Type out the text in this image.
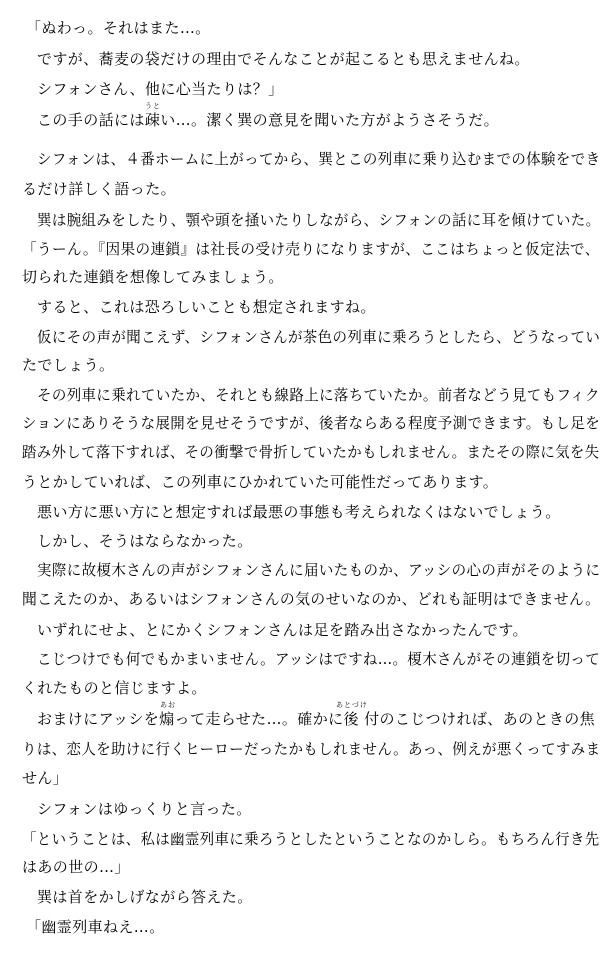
「ぬわっ。それはまた…。

ですが、蕎麦の袋だけの理由でそんなことが起こるとも思えませんね。

シフォンさん、他に心当たりは？」

うと

この手の話には疎い…。潔く巽の意見を聞いた方がようさそうだ。

シフォンは、４番ホームに上がってから、巽とこの列車に乗り込むまでの体験をでき

るだけ詳しく語った。

巽は腕組みをしたり、顎や頭を掻いたりしながら、シフォンの話に耳を傾けていた。

「うーん。『因果の連鎖』は社長の受け売りになりますが、ここはちょっと仮定法で、

切られた連鎖を想像してみましょう。

すると、これは恐ろしいことも想定されますね。

仮にその声が聞こえず、シフォンさんが茶色の列車に乗ろうとしたら、どうなってい

たでしょう。

その列車に乗れていたか、それとも線路上に落ちていたか。前者などう見てもフィク

ションにありそうな展開を見せそうですが、後者ならある程度予測できます。もし足を

踏み外して落下すれば、その衝撃で骨折していたかもしれません。またその際に気を失

うとかしていれば、この列車にひかれていた可能性だってあります。

悪い方に悪い方にと想定すれば最悪の事態も考えられなくはないでしょう。

しかし、そうはならなかった。

実際に故榎木さんの声がシフォンさんに届いたものか、アッシの心の声がそのように

聞こえたのか、あるいはシフォンさんの気のせいなのか、どれも証明はできません。

いずれにせよ、とにかくシフォンさんは足を踏み出さなかったんです。

こじつけでも何でもかまいません。アッシはですね…。榎木さんがその連鎖を切って

くれたものと信じますよ。

あお	あとづけ

おまけにアッシを煽って走らせた…。確かに後 付のこじつければ、あのときの焦

りは、恋人を助けに行くヒーローだったかもしれません。あっ、例えが悪くってすみま

せん」

シフォンはゆっくりと言った。

「ということは、私は幽霊列車に乗ろうとしたということなのかしら。もちろん行き先

はあの世の…」

巽は首をかしげながら答えた。

「幽霊列車ねえ…。
